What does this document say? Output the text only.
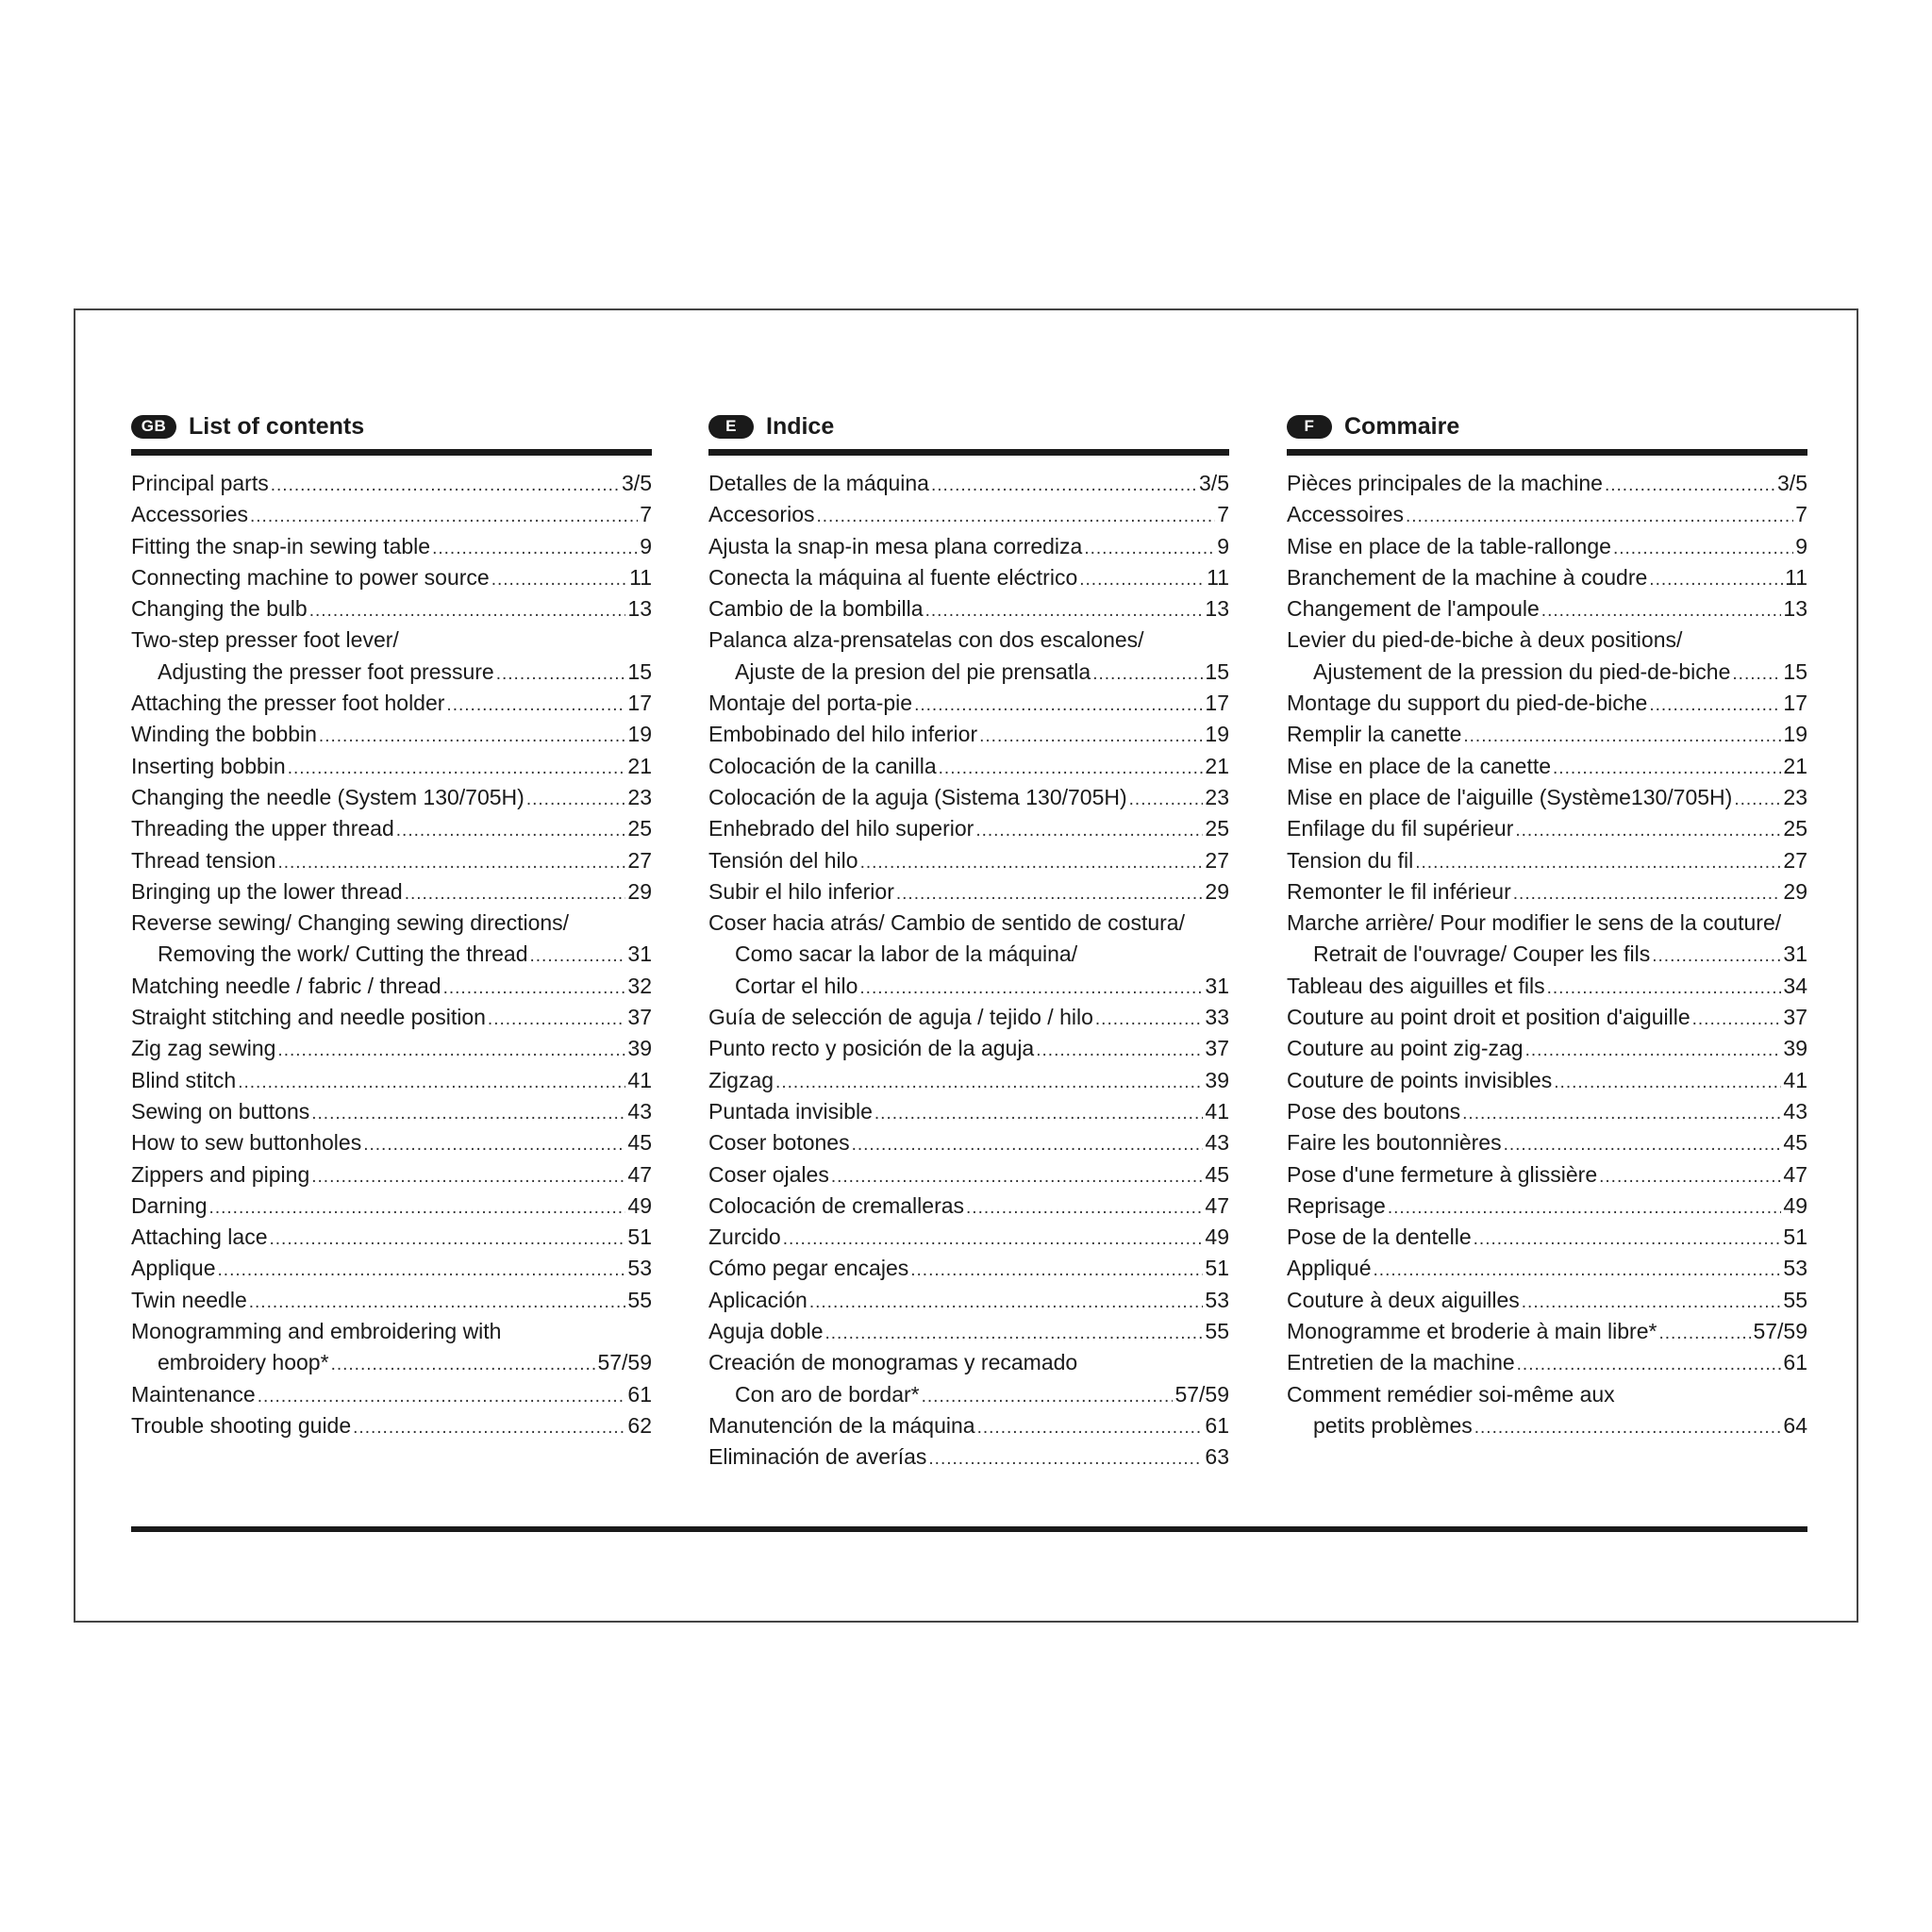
GB List of contents
Principal parts .....	3/5
Accessories .....	7
Fitting the snap-in sewing table .....	9
Connecting machine to power source .....	11
Changing the bulb .....	13
Two-step presser foot lever/
Adjusting the presser foot pressure .....	15
Attaching the presser foot holder .....	17
Winding the bobbin .....	19
Inserting bobbin .....	21
Changing the needle (System 130/705H) .....	23
Threading the upper thread .....	25
Thread tension .....	27
Bringing up the lower thread .....	29
Reverse sewing/ Changing sewing directions/
Removing the work/ Cutting the thread .....	31
Matching needle / fabric / thread .....	32
Straight stitching and needle position .....	37
Zig zag sewing .....	39
Blind stitch .....	41
Sewing on buttons .....	43
How to sew buttonholes .....	45
Zippers and piping .....	47
Darning .....	49
Attaching lace .....	51
Applique .....	53
Twin needle .....	55
Monogramming and embroidering with
embroidery hoop* .....	57/59
Maintenance .....	61
Trouble shooting guide .....	62
E	Indice
Detalles de la máquina .....	3/5
Accesorios .....	7
Ajusta la snap-in mesa plana corrediza .....	9
Conecta la máquina al fuente eléctrico .....	11
Cambio de la bombilla .....	13
Palanca alza-prensatelas con dos escalones/
Ajuste de la presion del pie prensatla .....	15
Montaje del porta-pie .....	17
Embobinado del hilo inferior .....	19
Colocación de la canilla .....	21
Colocación de la aguja (Sistema 130/705H) .....	23
Enhebrado del hilo superior .....	25
Tensión del hilo .....	27
Subir el hilo inferior .....	29
Coser hacia atrás/ Cambio de sentido de costura/
Como sacar la labor de la máquina/
Cortar el hilo .....	31
Guía de selección de aguja / tejido / hilo .....	33
Punto recto y posición de la aguja .....	37
Zigzag .....	39
Puntada invisible .....	41
Coser botones .....	43
Coser ojales .....	45
Colocación de cremalleras .....	47
Zurcido .....	49
Cómo pegar encajes .....	51
Aplicación .....	53
Aguja doble .....	55
Creación de monogramas y recamado
Con aro de bordar* .....	57/59
Manutención de la máquina .....	61
Eliminación de averías .....	63
F	Commaire
Pièces principales de la machine .....	3/5
Accessoires .....	7
Mise en place de la table-rallonge .....	9
Branchement de la machine à coudre .....	11
Changement de l'ampoule .....	13
Levier du pied-de-biche à deux positions/
Ajustement de la pression du pied-de-biche ..... 15
Montage du support du pied-de-biche .....	17
Remplir la canette .....	19
Mise en place de la canette .....	21
Mise en place de l'aiguille (Système130/705H) ..... 23
Enfilage du fil supérieur .....	25
Tension du fil .....	27
Remonter le fil inférieur .....	29
Marche arrière/ Pour modifier le sens de la couture/
Retrait de l'ouvrage/ Couper les fils .....	31
Tableau des aiguilles et fils .....	34
Couture au point droit et position d'aiguille .....	37
Couture au point zig-zag .....	39
Couture de points invisibles .....	41
Pose des boutons .....	43
Faire les boutonnières .....	45
Pose d'une fermeture à glissière .....	47
Reprisage .....	49
Pose de la dentelle .....	51
Appliqué .....	53
Couture à deux aiguilles .....	55
Monogramme et broderie à main libre* .....	57/59
Entretien de la machine .....	61
Comment remédier soi-même aux
petits problèmes .....	64
